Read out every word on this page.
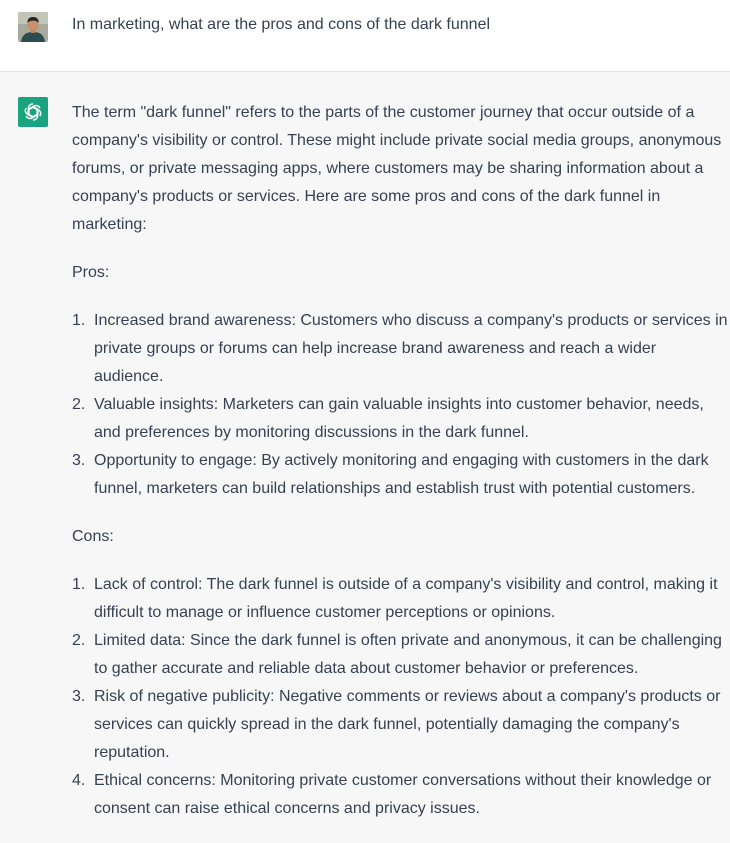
In marketing, what are the pros and cons of the dark funnel

The term "dark funnel" refers to the parts of the customer journey that occur outside of a company's visibility or control. These might include private social media groups, anonymous forums, or private messaging apps, where customers may be sharing information about a company's products or services. Here are some pros and cons of the dark funnel in marketing:

Pros:

1. Increased brand awareness: Customers who discuss a company's products or services in private groups or forums can help increase brand awareness and reach a wider audience.
2. Valuable insights: Marketers can gain valuable insights into customer behavior, needs, and preferences by monitoring discussions in the dark funnel.
3. Opportunity to engage: By actively monitoring and engaging with customers in the dark funnel, marketers can build relationships and establish trust with potential customers.

Cons:

1. Lack of control: The dark funnel is outside of a company's visibility and control, making it difficult to manage or influence customer perceptions or opinions.
2. Limited data: Since the dark funnel is often private and anonymous, it can be challenging to gather accurate and reliable data about customer behavior or preferences.
3. Risk of negative publicity: Negative comments or reviews about a company's products or services can quickly spread in the dark funnel, potentially damaging the company's reputation.
4. Ethical concerns: Monitoring private customer conversations without their knowledge or consent can raise ethical concerns and privacy issues.
